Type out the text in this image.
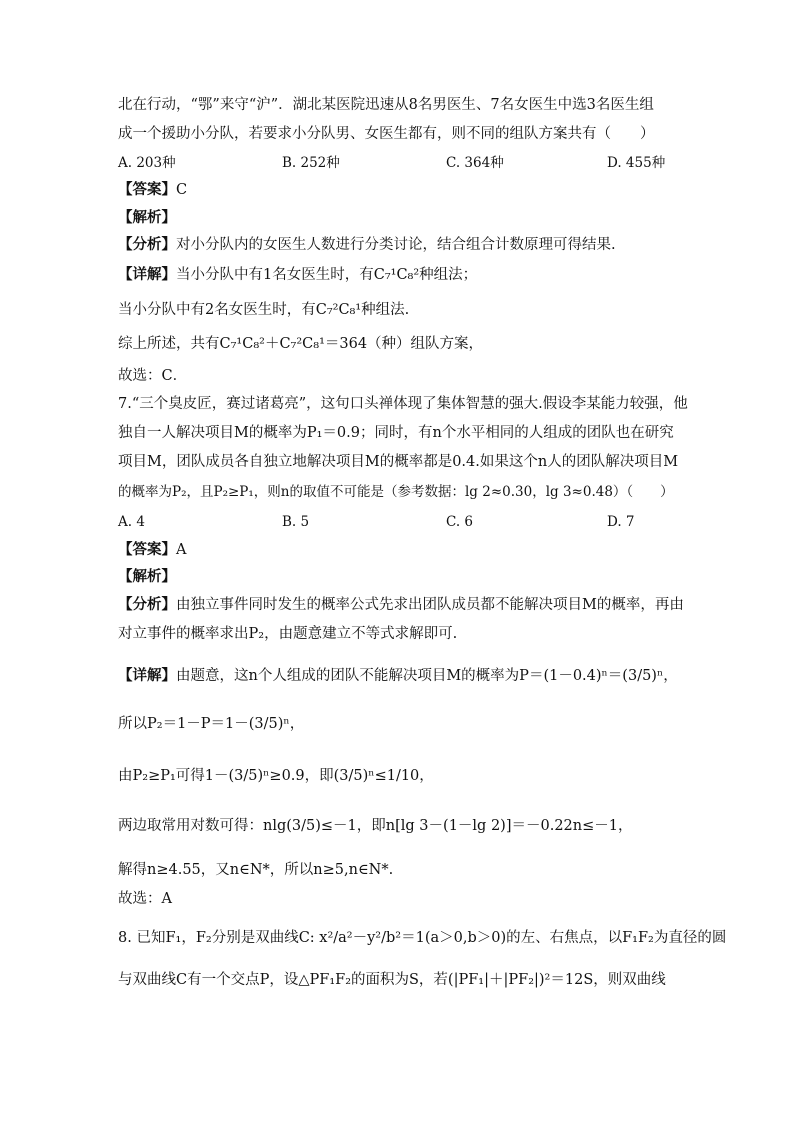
北在行动，“鄂”来守“沪”．湖北某医院迅速从8名男医生、7名女医生中选3名医生组
成一个援助小分队，若要求小分队男、女医生都有，则不同的组队方案共有（　　）
A. 203种	B. 252种	C. 364种	D. 455种
【答案】C
【解析】
【分析】对小分队内的女医生人数进行分类讨论，结合组合计数原理可得结果.
【详解】当小分队中有1名女医生时，有C₇¹C₈²种组法；
当小分队中有2名女医生时，有C₇²C₈¹种组法.
综上所述，共有C₇¹C₈²＋C₇²C₈¹＝364（种）组队方案，
故选：C．
7.“三个臭皮匠，赛过诸葛亮”，这句口头禅体现了集体智慧的强大.假设李某能力较强，他
独自一人解决项目M的概率为P₁＝0.9；同时，有n个水平相同的人组成的团队也在研究
项目M，团队成员各自独立地解决项目M的概率都是0.4.如果这个n人的团队解决项目M
的概率为P₂，且P₂≥P₁，则n的取值不可能是（参考数据：lg 2≈0.30，lg 3≈0.48）（　　）
A. 4	B. 5	C. 6	D. 7
【答案】A
【解析】
【分析】由独立事件同时发生的概率公式先求出团队成员都不能解决项目M的概率，再由
对立事件的概率求出P₂，由题意建立不等式求解即可.
【详解】由题意，这n个人组成的团队不能解决项目M的概率为P＝(1－0.4)ⁿ＝(3/5)ⁿ，
所以P₂＝1－P＝1－(3/5)ⁿ，
由P₂≥P₁可得1－(3/5)ⁿ≥0.9，即(3/5)ⁿ≤1/10，
两边取常用对数可得：nlg(3/5)≤－1，即n[lg 3－(1－lg 2)]＝－0.22n≤－1，
解得n≥4.55，又n∈N*，所以n≥5,n∈N*.
故选：A
8. 已知F₁，F₂分别是双曲线C: x²/a²－y²/b²＝1(a＞0,b＞0)的左、右焦点，以F₁F₂为直径的圆
与双曲线C有一个交点P，设△PF₁F₂的面积为S，若(|PF₁|＋|PF₂|)²＝12S，则双曲线
